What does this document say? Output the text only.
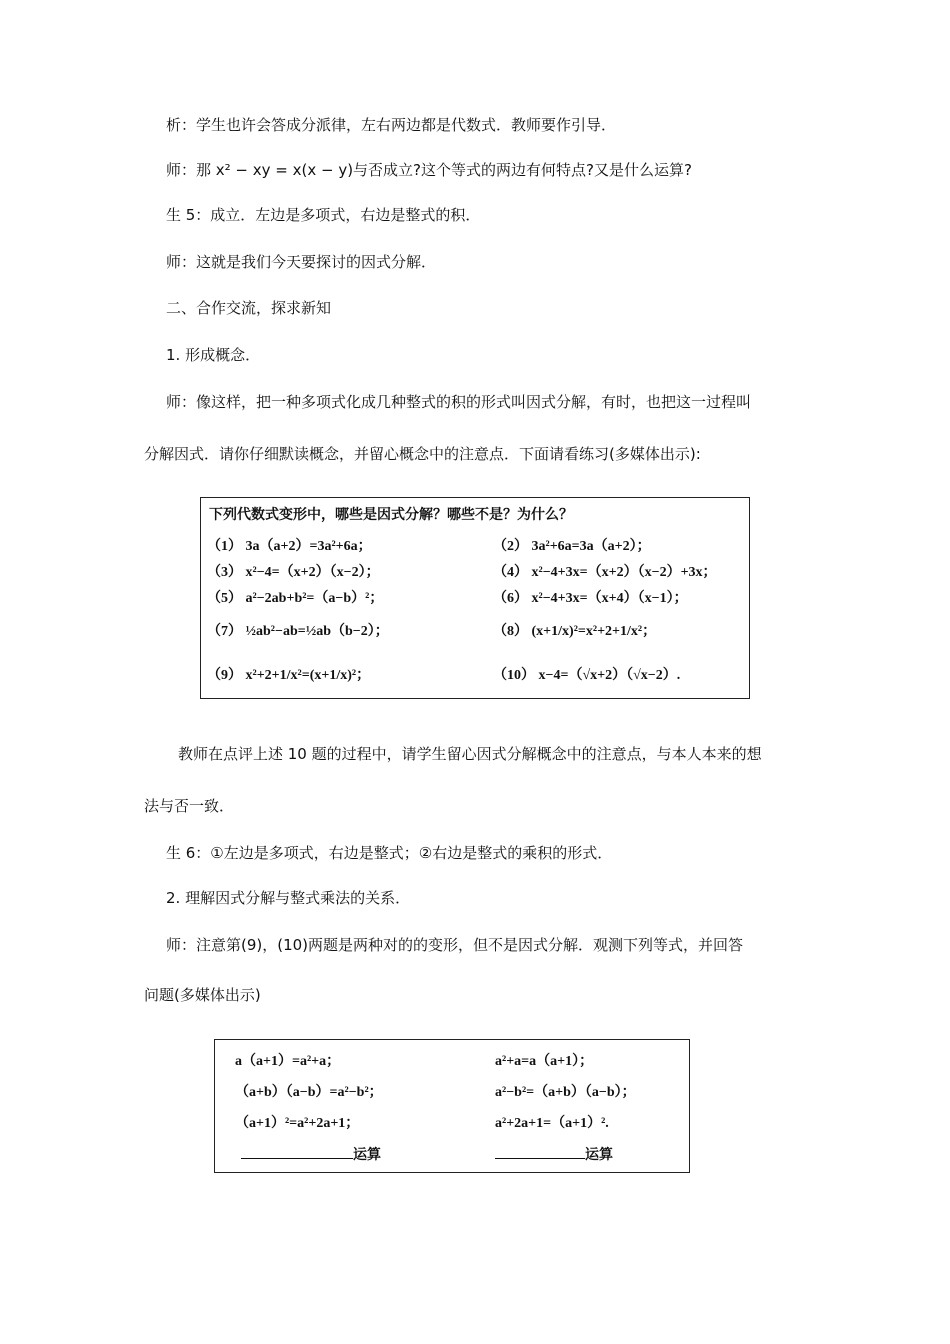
析：学生也许会答成分派律，左右两边都是代数式．教师要作引导．
师：那 x² − xy = x(x − y)与否成立?这个等式的两边有何特点?又是什么运算?
生 5：成立．左边是多项式，右边是整式的积．
师：这就是我们今天要探讨的因式分解．
二、合作交流，探求新知
1. 形成概念．
师：像这样，把一种多项式化成几种整式的积的形式叫因式分解，有时，也把这一过程叫
分解因式．请你仔细默读概念，并留心概念中的注意点．下面请看练习(多媒体出示):
下列代数式变形中，哪些是因式分解？哪些不是？为什么？
（1） 3a（a+2）=3a²+6a；	（2） 3a²+6a=3a（a+2）；
（3） x²−4=（x+2）（x−2）；	（4） x²−4+3x=（x+2）（x−2）+3x；
（5） a²−2ab+b²=（a−b）²；	（6） x²−4+3x=（x+4）（x−1）；
（7） ½ab²−ab=½ab（b−2）；	（8） (x+1/x)²=x²+2+1/x²；
（9） x²+2+1/x²=(x+1/x)²；	（10） x−4=（√x+2）（√x−2）.
教师在点评上述 10 题的过程中，请学生留心因式分解概念中的注意点，与本人本来的想
法与否一致．
生 6：①左边是多项式，右边是整式；②右边是整式的乘积的形式．
2. 理解因式分解与整式乘法的关系．
师：注意第(9)，(10)两题是两种对的的变形，但不是因式分解．观测下列等式，并回答
问题(多媒体出示)
a（a+1）=a²+a；	a²+a=a（a+1）；
（a+b）（a−b）=a²−b²；	a²−b²=（a+b）（a−b）；
（a+1）²=a²+2a+1；	a²+2a+1=（a+1）².
运算	运算
